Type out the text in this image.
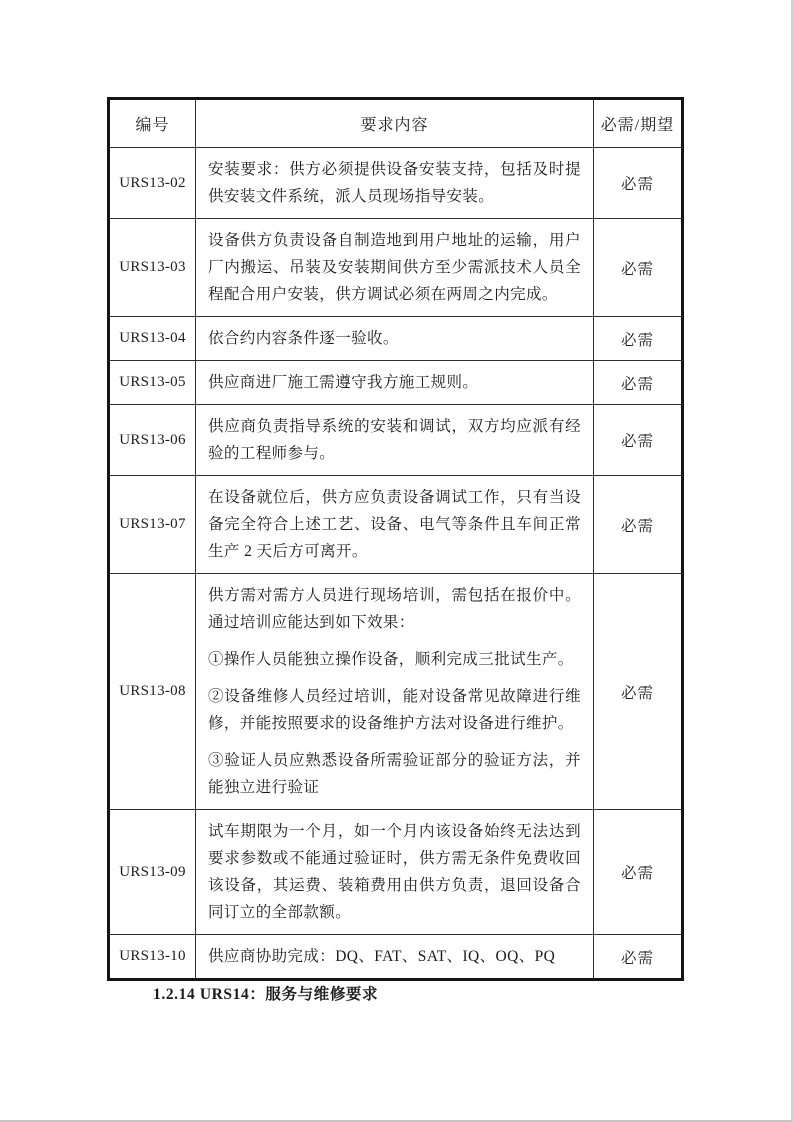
编号	要求内容	必需/期望
URS13-02	安装要求：供方必须提供设备安装支持，包括及时提供安装文件系统，派人员现场指导安装。	必需
URS13-03	设备供方负责设备自制造地到用户地址的运输，用户厂内搬运、吊装及安装期间供方至少需派技术人员全程配合用户安装，供方调试必须在两周之内完成。	必需
URS13-04	依合约内容条件逐一验收。	必需
URS13-05	供应商进厂施工需遵守我方施工规则。	必需
URS13-06	供应商负责指导系统的安装和调试，双方均应派有经验的工程师参与。	必需
URS13-07	在设备就位后，供方应负责设备调试工作，只有当设备完全符合上述工艺、设备、电气等条件且车间正常生产 2 天后方可离开。	必需
URS13-08	供方需对需方人员进行现场培训，需包括在报价中。通过培训应能达到如下效果：

①操作人员能独立操作设备，顺利完成三批试生产。

②设备维修人员经过培训，能对设备常见故障进行维修，并能按照要求的设备维护方法对设备进行维护。

③验证人员应熟悉设备所需验证部分的验证方法，并能独立进行验证	必需
URS13-09	试车期限为一个月，如一个月内该设备始终无法达到要求参数或不能通过验证时，供方需无条件免费收回该设备，其运费、装箱费用由供方负责，退回设备合同订立的全部款额。	必需
URS13-10	供应商协助完成：DQ、FAT、SAT、IQ、OQ、PQ	必需
1.2.14 URS14：服务与维修要求
